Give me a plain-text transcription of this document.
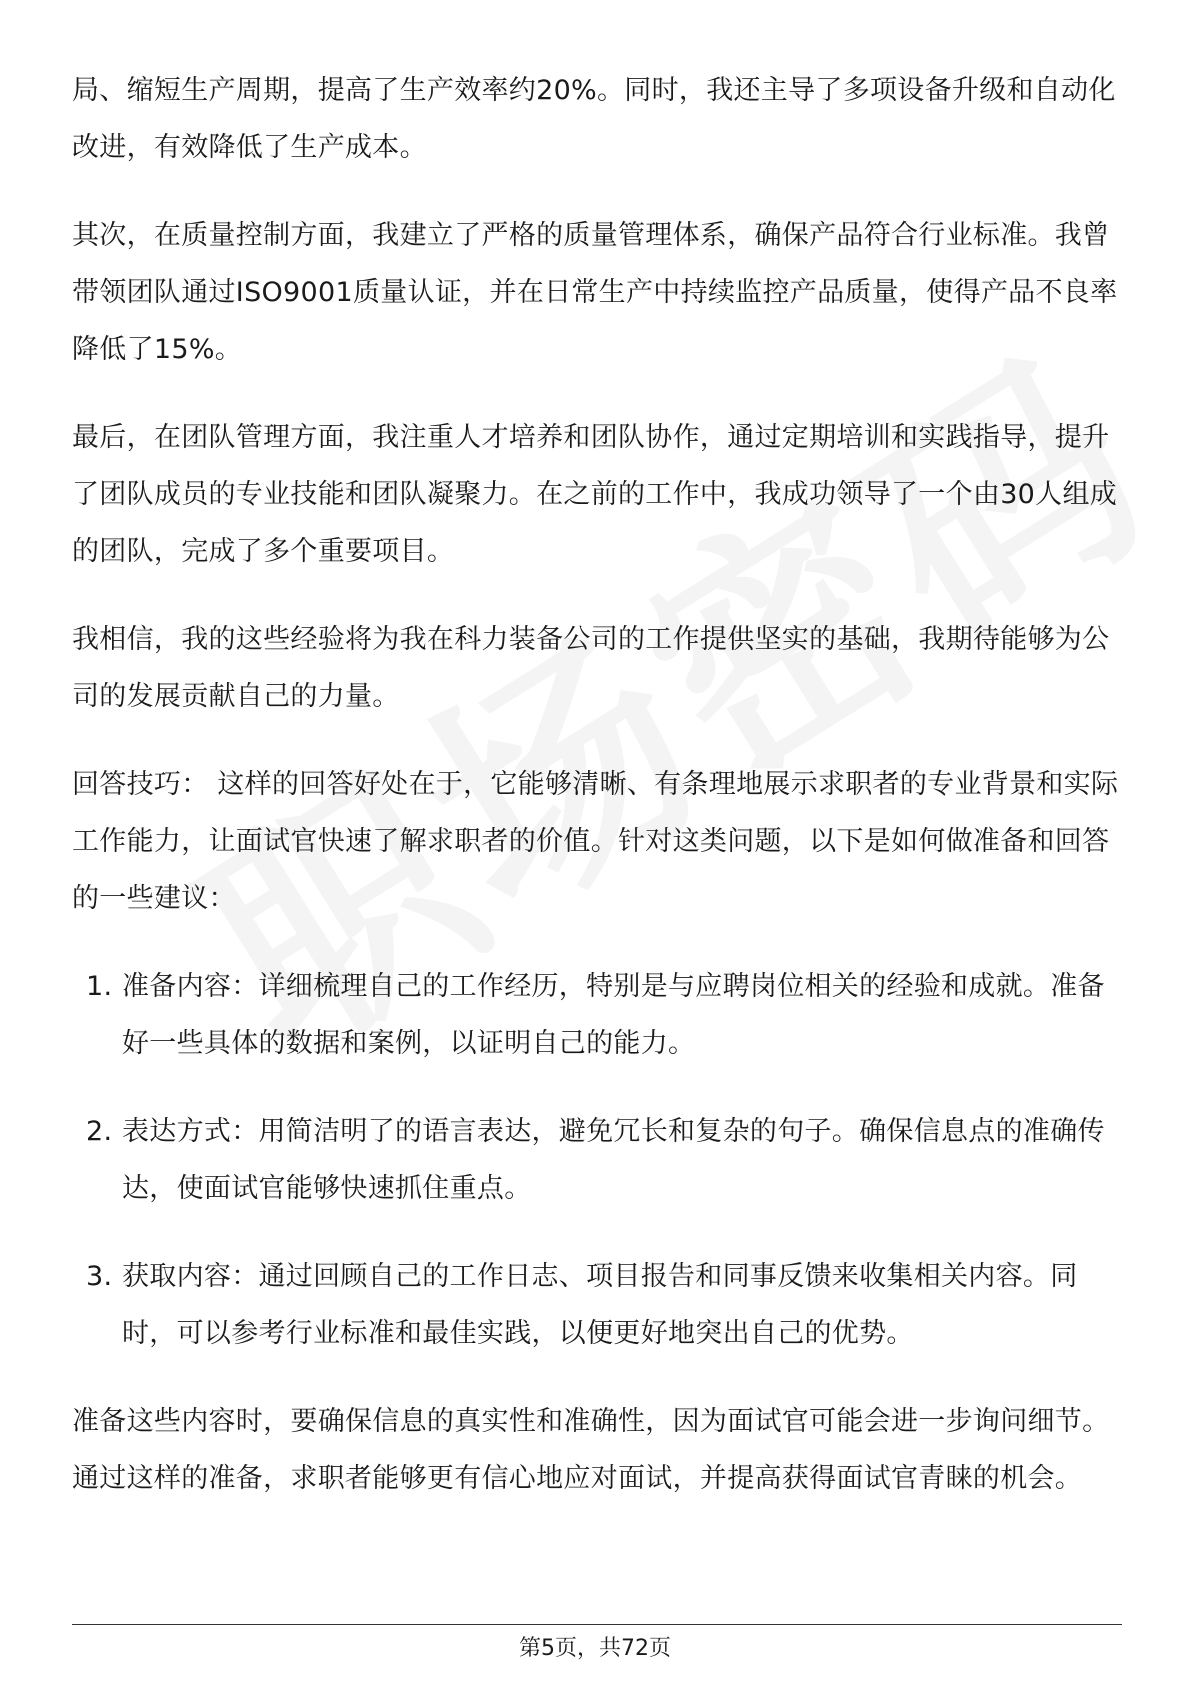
局、缩短生产周期，提高了生产效率约20%。同时，我还主导了多项设备升级和自动化改进，有效降低了生产成本。

其次，在质量控制方面，我建立了严格的质量管理体系，确保产品符合行业标准。我曾带领团队通过ISO9001质量认证，并在日常生产中持续监控产品质量，使得产品不良率降低了15%。

最后，在团队管理方面，我注重人才培养和团队协作，通过定期培训和实践指导，提升了团队成员的专业技能和团队凝聚力。在之前的工作中，我成功领导了一个由30人组成的团队，完成了多个重要项目。

我相信，我的这些经验将为我在科力装备公司的工作提供坚实的基础，我期待能够为公司的发展贡献自己的力量。

回答技巧： 这样的回答好处在于，它能够清晰、有条理地展示求职者的专业背景和实际工作能力，让面试官快速了解求职者的价值。针对这类问题，以下是如何做准备和回答的一些建议：

1. 准备内容：详细梳理自己的工作经历，特别是与应聘岗位相关的经验和成就。准备好一些具体的数据和案例，以证明自己的能力。
2. 表达方式：用简洁明了的语言表达，避免冗长和复杂的句子。确保信息点的准确传达，使面试官能够快速抓住重点。
3. 获取内容：通过回顾自己的工作日志、项目报告和同事反馈来收集相关内容。同时，可以参考行业标准和最佳实践，以便更好地突出自己的优势。

准备这些内容时，要确保信息的真实性和准确性，因为面试官可能会进一步询问细节。通过这样的准备，求职者能够更有信心地应对面试，并提高获得面试官青睐的机会。

第5页，共72页
